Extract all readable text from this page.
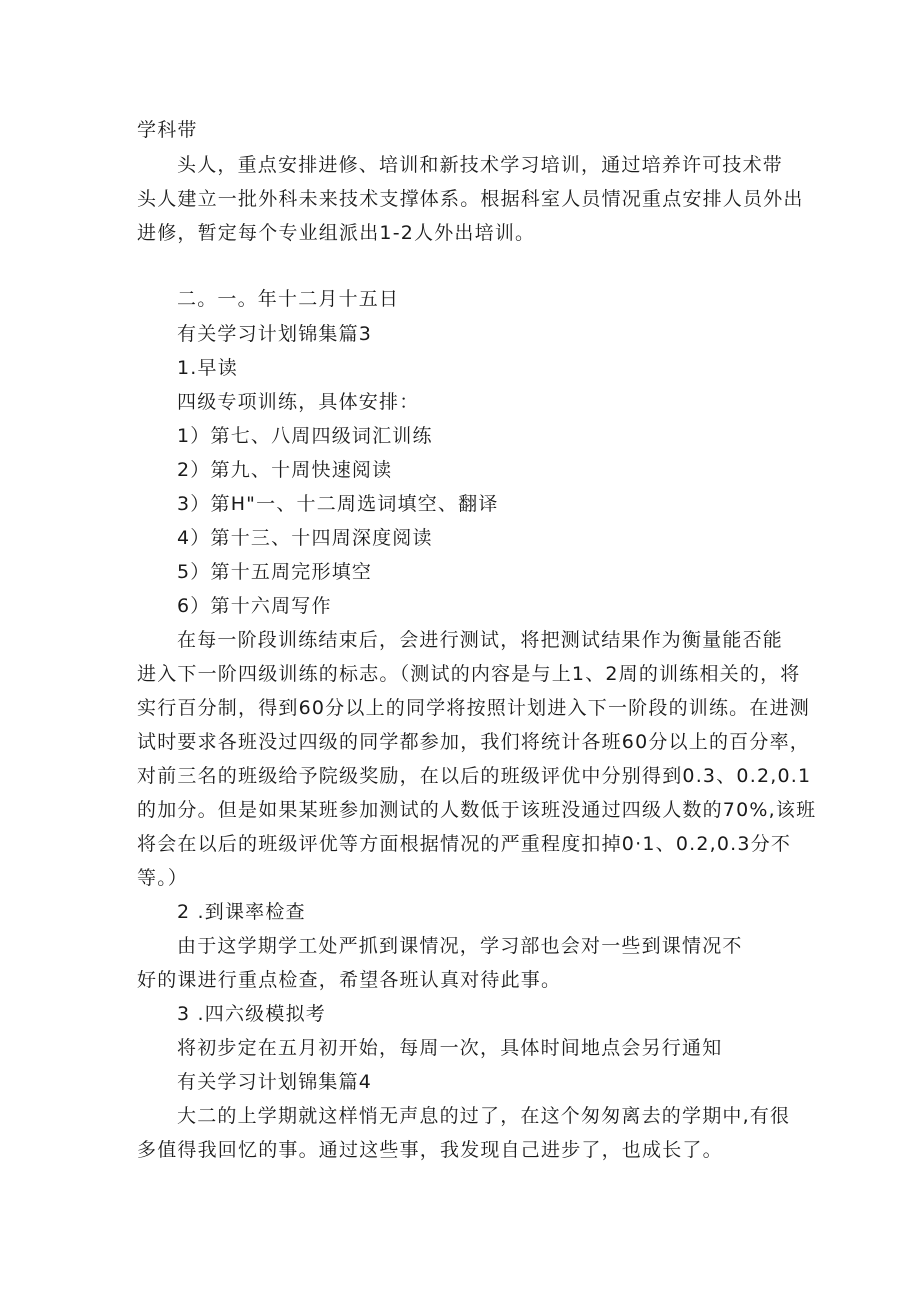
学科带
头人，重点安排进修、培训和新技术学习培训，通过培养许可技术带
头人建立一批外科未来技术支撑体系。根据科室人员情况重点安排人员外出
进修，暂定每个专业组派出1-2人外出培训。
二。一。年十二月十五日
有关学习计划锦集篇3
1.早读
四级专项训练，具体安排：
1）第七、八周四级词汇训练
2）第九、十周快速阅读
3）第H"一、十二周选词填空、翻译
4）第十三、十四周深度阅读
5）第十五周完形填空
6）第十六周写作
在每一阶段训练结束后，会进行测试，将把测试结果作为衡量能否能
进入下一阶四级训练的标志。（测试的内容是与上1、2周的训练相关的，将
实行百分制，得到60分以上的同学将按照计划进入下一阶段的训练。在进测
试时要求各班没过四级的同学都参加，我们将统计各班60分以上的百分率，
对前三名的班级给予院级奖励，在以后的班级评优中分别得到0.3、0.2,0.1
的加分。但是如果某班参加测试的人数低于该班没通过四级人数的70%,该班
将会在以后的班级评优等方面根据情况的严重程度扣掉0·1、0.2,0.3分不
等。）
2 .到课率检查
由于这学期学工处严抓到课情况，学习部也会对一些到课情况不
好的课进行重点检查，希望各班认真对待此事。
3 .四六级模拟考
将初步定在五月初开始，每周一次，具体时间地点会另行通知
有关学习计划锦集篇4
大二的上学期就这样悄无声息的过了，在这个匆匆离去的学期中,有很
多值得我回忆的事。通过这些事，我发现自己进步了，也成长了。
